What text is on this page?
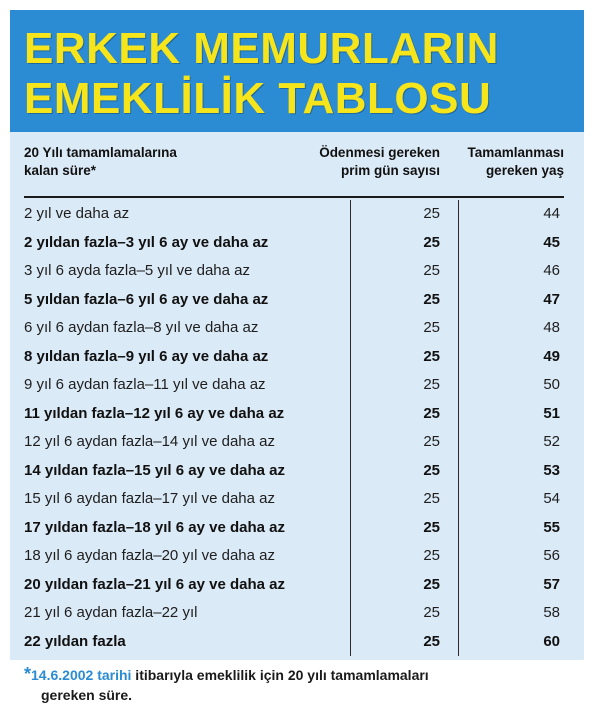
ERKEK MEMURLARIN
EMEKLİLİK TABLOSU
20 Yılı tamamlamalarına
kalan süre*
Ödenmesi gereken
prim gün sayısı
Tamamlanması
gereken yaş
2 yıl ve daha az	25	44
2 yıldan fazla–3 yıl 6 ay ve daha az	25	45
3 yıl 6 ayda fazla–5 yıl ve daha az	25	46
5 yıldan fazla–6 yıl 6 ay ve daha az	25	47
6 yıl 6 aydan fazla–8 yıl ve daha az	25	48
8 yıldan fazla–9 yıl 6 ay ve daha az	25	49
9 yıl 6 aydan fazla–11 yıl ve daha az	25	50
11 yıldan fazla–12 yıl 6 ay ve daha az	25	51
12 yıl 6 aydan fazla–14 yıl ve daha az	25	52
14 yıldan fazla–15 yıl 6 ay ve daha az	25	53
15 yıl 6 aydan fazla–17 yıl ve daha az	25	54
17 yıldan fazla–18 yıl 6 ay ve daha az	25	55
18 yıl 6 aydan fazla–20 yıl ve daha az	25	56
20 yıldan fazla–21 yıl 6 ay ve daha az	25	57
21 yıl 6 aydan fazla–22 yıl	25	58
22 yıldan fazla	25	60
*14.6.2002 tarihi itibarıyla emeklilik için 20 yılı tamamlamaları
gereken süre.
